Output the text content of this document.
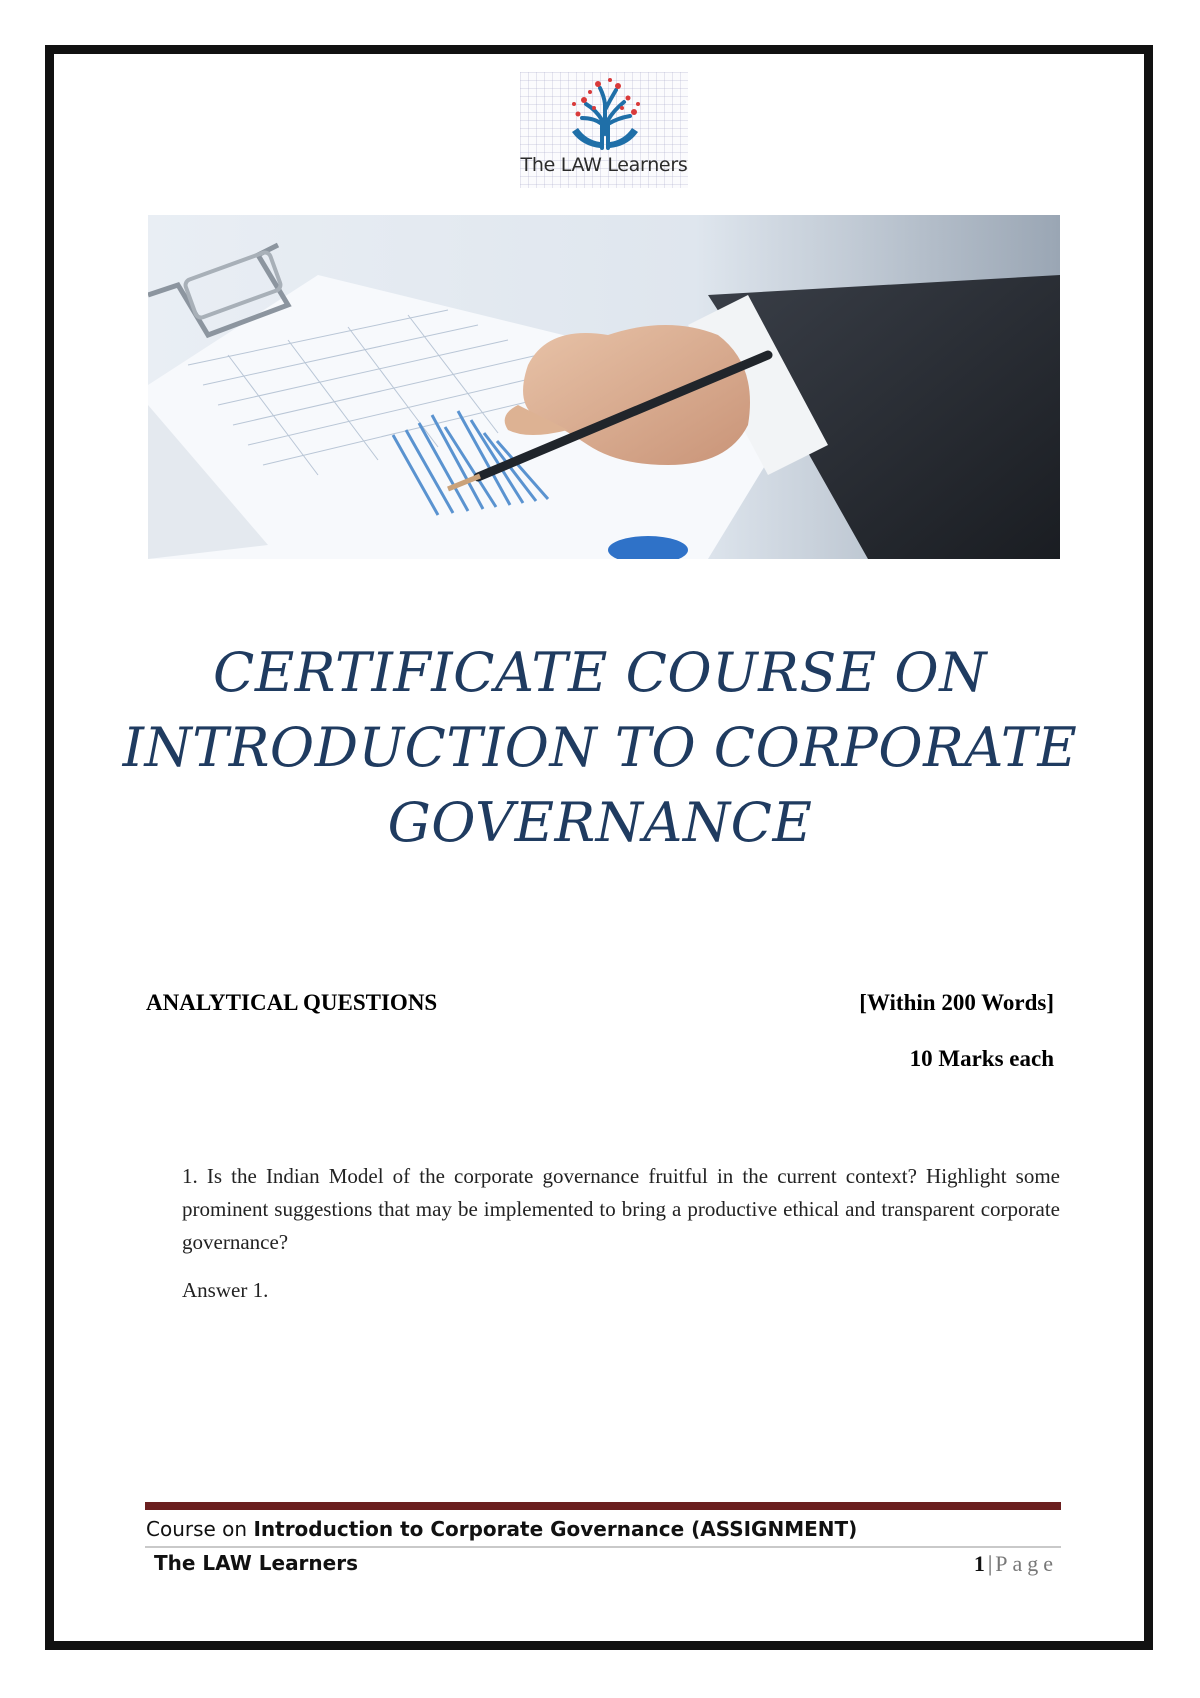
The LAW Learners
CERTIFICATE COURSE ON
INTRODUCTION TO CORPORATE
GOVERNANCE
ANALYTICAL QUESTIONS	[Within 200 Words]
10 Marks each

1. Is the Indian Model of the corporate governance fruitful in the current context? Highlight some prominent suggestions that may be implemented to bring a productive ethical and transparent corporate governance?

Answer 1.
Course on Introduction to Corporate Governance (ASSIGNMENT)
The LAW Learners	1 | Page
